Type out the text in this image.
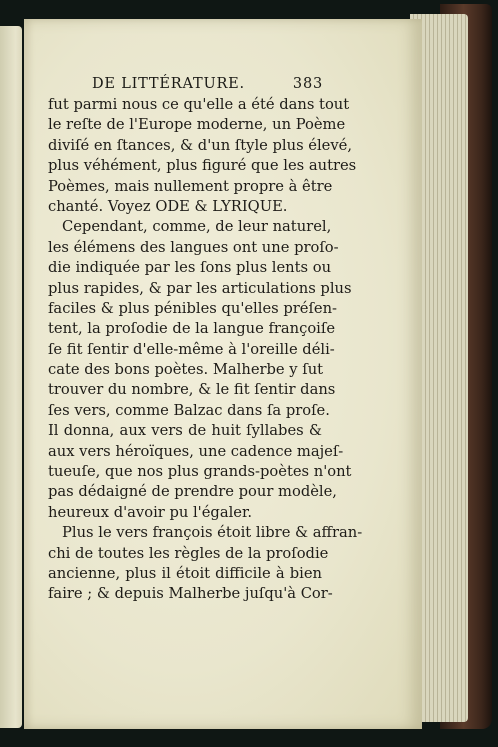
DE LITTÉRATURE.	383
fut parmi nous ce qu'elle a été dans tout
le reſte de l'Europe moderne, un Poème
diviſé en ſtances, & d'un ſtyle plus élevé,
plus véhément, plus figuré que les autres
Poèmes, mais nullement propre à être
chanté. Voyez ODE & LYRIQUE.
Cependant, comme, de leur naturel,
les élémens des langues ont une proſo-
die indiquée par les ſons plus lents ou
plus rapides, & par les articulations plus
faciles & plus pénibles qu'elles préſen-
tent, la proſodie de la langue françoiſe
ſe fit ſentir d'elle-même à l'oreille déli-
cate des bons poètes. Malherbe y ſut
trouver du nombre, & le fit ſentir dans
ſes vers, comme Balzac dans ſa proſe.
Il donna, aux vers de huit ſyllabes &
aux vers héroïques, une cadence majeſ-
tueuſe, que nos plus grands-poètes n'ont
pas dédaigné de prendre pour modèle,
heureux d'avoir pu l'égaler.
Plus le vers françois étoit libre & affran-
chi de toutes les règles de la proſodie
ancienne, plus il étoit difficile à bien
faire ; & depuis Malherbe juſqu'à Cor-
